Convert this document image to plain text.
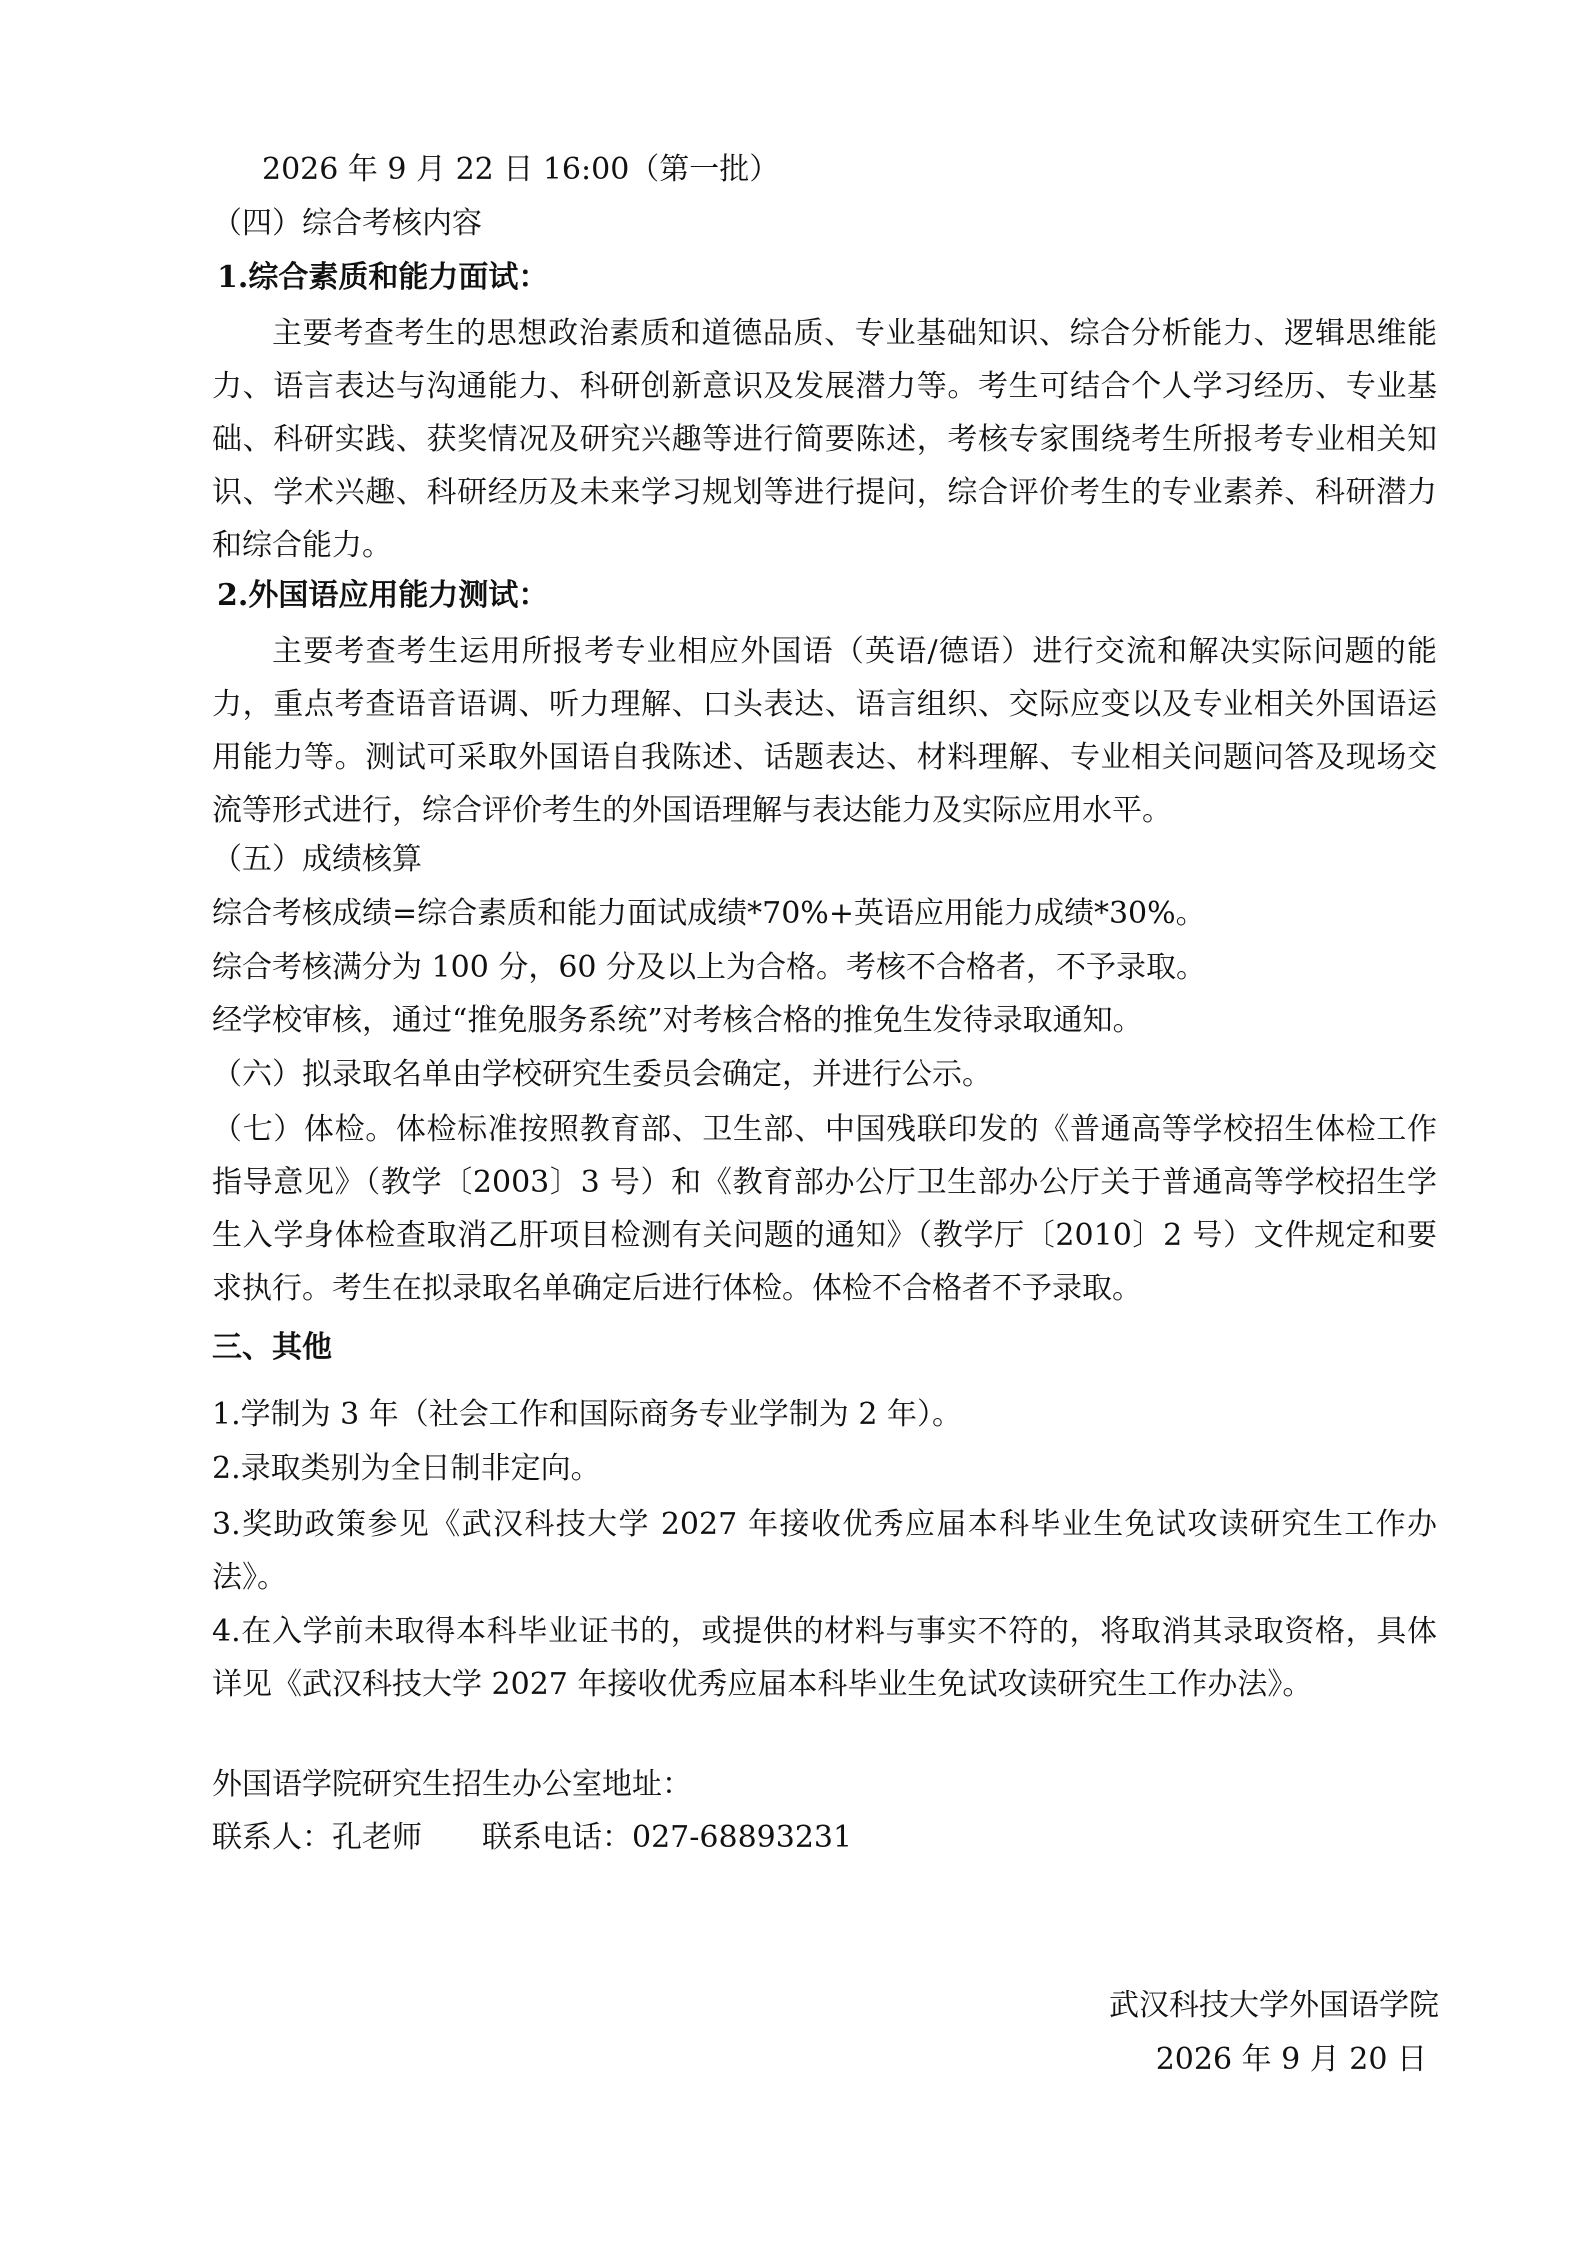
2026 年 9 月 22 日 16:00（第一批）

（四）综合考核内容

1.综合素质和能力面试：

主要考查考生的思想政治素质和道德品质、专业基础知识、综合分析能力、逻辑思维能力、语言表达与沟通能力、科研创新意识及发展潜力等。考生可结合个人学习经历、专业基础、科研实践、获奖情况及研究兴趣等进行简要陈述，考核专家围绕考生所报考专业相关知识、学术兴趣、科研经历及未来学习规划等进行提问，综合评价考生的专业素养、科研潜力和综合能力。

2.外国语应用能力测试：

主要考查考生运用所报考专业相应外国语（英语/德语）进行交流和解决实际问题的能力，重点考查语音语调、听力理解、口头表达、语言组织、交际应变以及专业相关外国语运用能力等。测试可采取外国语自我陈述、话题表达、材料理解、专业相关问题问答及现场交流等形式进行，综合评价考生的外国语理解与表达能力及实际应用水平。

（五）成绩核算

综合考核成绩=综合素质和能力面试成绩*70%+英语应用能力成绩*30%。

综合考核满分为 100 分，60 分及以上为合格。考核不合格者，不予录取。

经学校审核，通过“推免服务系统”对考核合格的推免生发待录取通知。

（六）拟录取名单由学校研究生委员会确定，并进行公示。

（七）体检。体检标准按照教育部、卫生部、中国残联印发的《普通高等学校招生体检工作指导意见》（教学〔2003〕3 号）和《教育部办公厅卫生部办公厅关于普通高等学校招生学生入学身体检查取消乙肝项目检测有关问题的通知》（教学厅〔2010〕2 号）文件规定和要求执行。考生在拟录取名单确定后进行体检。体检不合格者不予录取。

三、其他

1.学制为 3 年（社会工作和国际商务专业学制为 2 年）。

2.录取类别为全日制非定向。

3.奖助政策参见《武汉科技大学 2027 年接收优秀应届本科毕业生免试攻读研究生工作办法》。

4.在入学前未取得本科毕业证书的，或提供的材料与事实不符的，将取消其录取资格，具体详见《武汉科技大学 2027 年接收优秀应届本科毕业生免试攻读研究生工作办法》。

外国语学院研究生招生办公室地址：

联系人：孔老师　　联系电话：027-68893231

武汉科技大学外国语学院

2026 年 9 月 20 日
